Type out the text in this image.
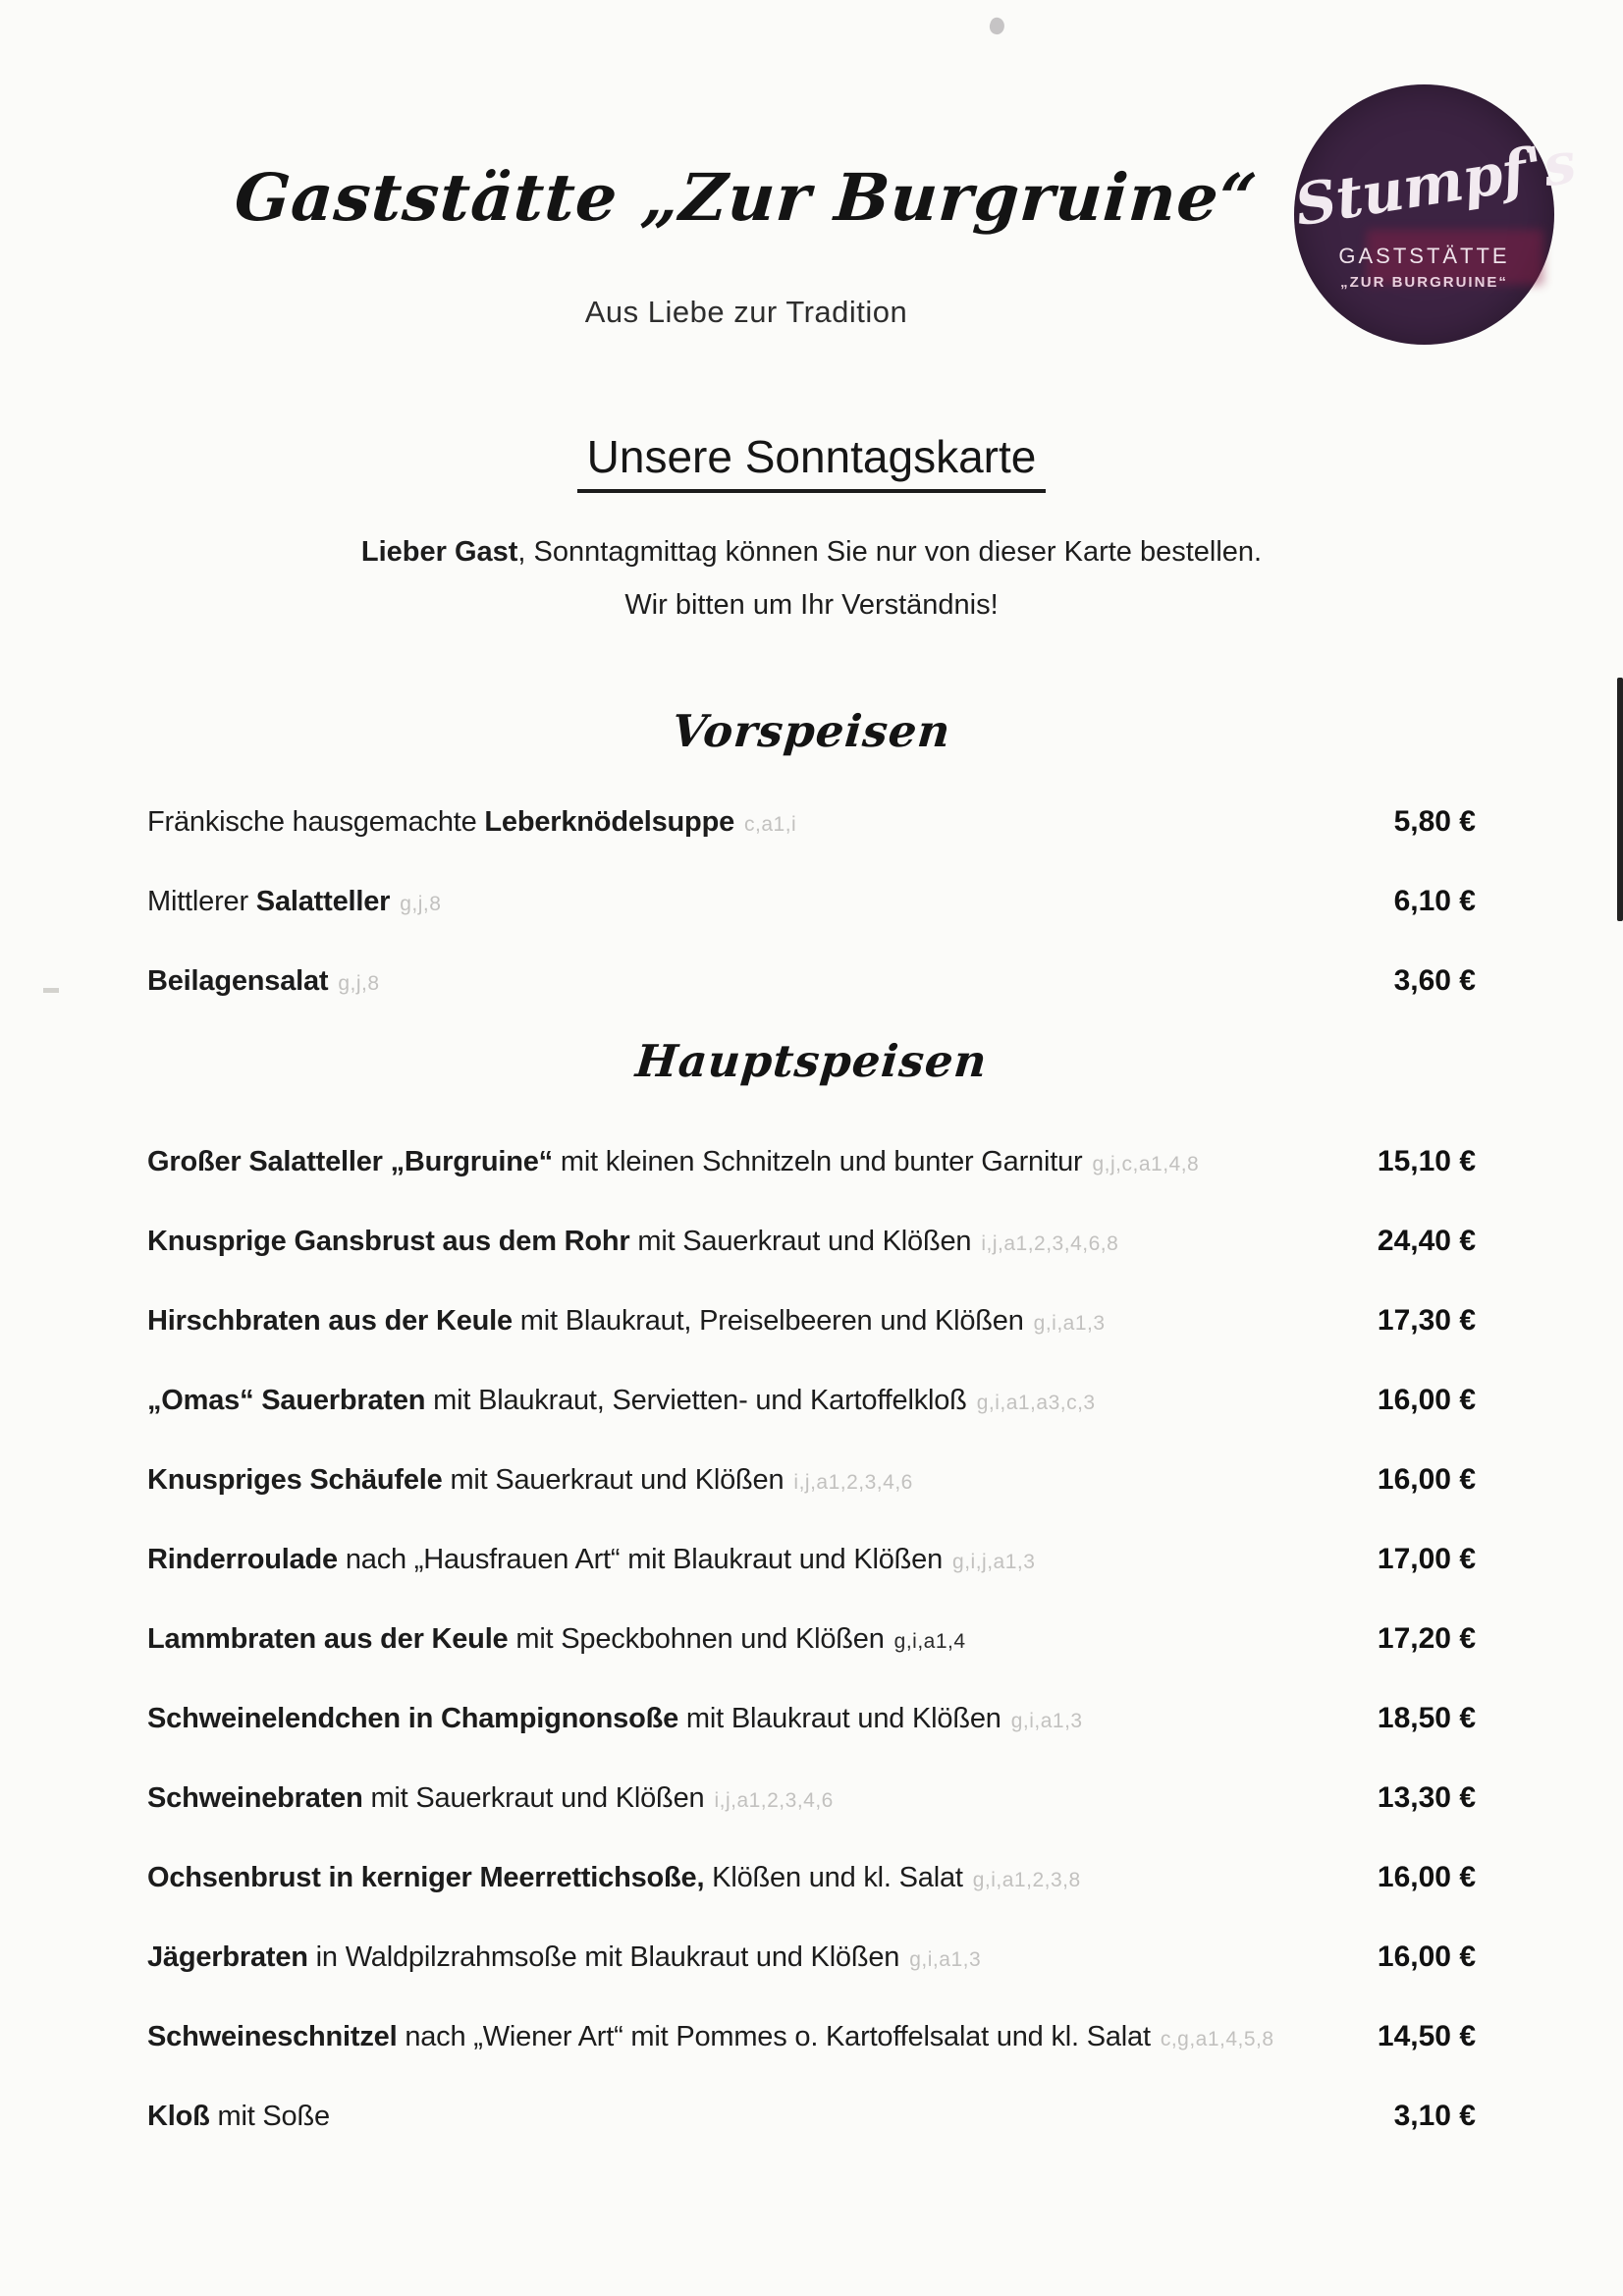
Gaststätte „Zur Burgruine“
Aus Liebe zur Tradition
Stumpf's
GASTSTÄTTE
„ZUR BURGRUINE“
Unsere Sonntagskarte
Lieber Gast, Sonntagmittag können Sie nur von dieser Karte bestellen.
Wir bitten um Ihr Verständnis!
Vorspeisen
Fränkische hausgemachte Leberknödelsuppe c,a1,i	5,80 €
Mittlerer Salatteller g,j,8	6,10 €
Beilagensalat g,j,8	3,60 €
Hauptspeisen
Großer Salatteller „Burgruine“ mit kleinen Schnitzeln und bunter Garnitur g,j,c,a1,4,8	15,10 €
Knusprige Gansbrust aus dem Rohr mit Sauerkraut und Klößen i,j,a1,2,3,4,6,8	24,40 €
Hirschbraten aus der Keule mit Blaukraut, Preiselbeeren und Klößen g,i,a1,3	17,30 €
„Omas“ Sauerbraten mit Blaukraut, Servietten- und Kartoffelkloß g,i,a1,a3,c,3	16,00 €
Knuspriges Schäufele mit Sauerkraut und Klößen i,j,a1,2,3,4,6	16,00 €
Rinderroulade nach „Hausfrauen Art“ mit Blaukraut und Klößen g,i,j,a1,3	17,00 €
Lammbraten aus der Keule mit Speckbohnen und Klößen g,i,a1,4	17,20 €
Schweinelendchen in Champignonsoße mit Blaukraut und Klößen g,i,a1,3	18,50 €
Schweinebraten mit Sauerkraut und Klößen i,j,a1,2,3,4,6	13,30 €
Ochsenbrust in kerniger Meerrettichsoße, Klößen und kl. Salat g,i,a1,2,3,8	16,00 €
Jägerbraten in Waldpilzrahmsoße mit Blaukraut und Klößen g,i,a1,3	16,00 €
Schweineschnitzel nach „Wiener Art“ mit Pommes o. Kartoffelsalat und kl. Salat c,g,a1,4,5,8	14,50 €
Kloß mit Soße	3,10 €
